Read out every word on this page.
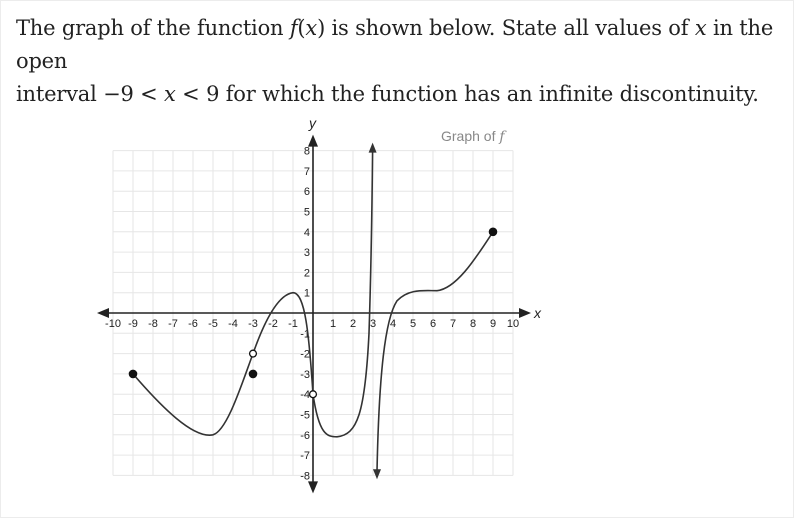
The graph of the function f(x) is shown below. State all values of x in the open
interval −9 < x < 9 for which the function has an infinite discontinuity.
-10 -9 -8 -7 -6 -5 -4 -3 -2 -1	1 2 3 4 5 6 7 8 9 10
8
7
6
5
4
3
2
1
-1
-2
-3
-4
-5
-6
-7
-8
Graph of f
x
y
